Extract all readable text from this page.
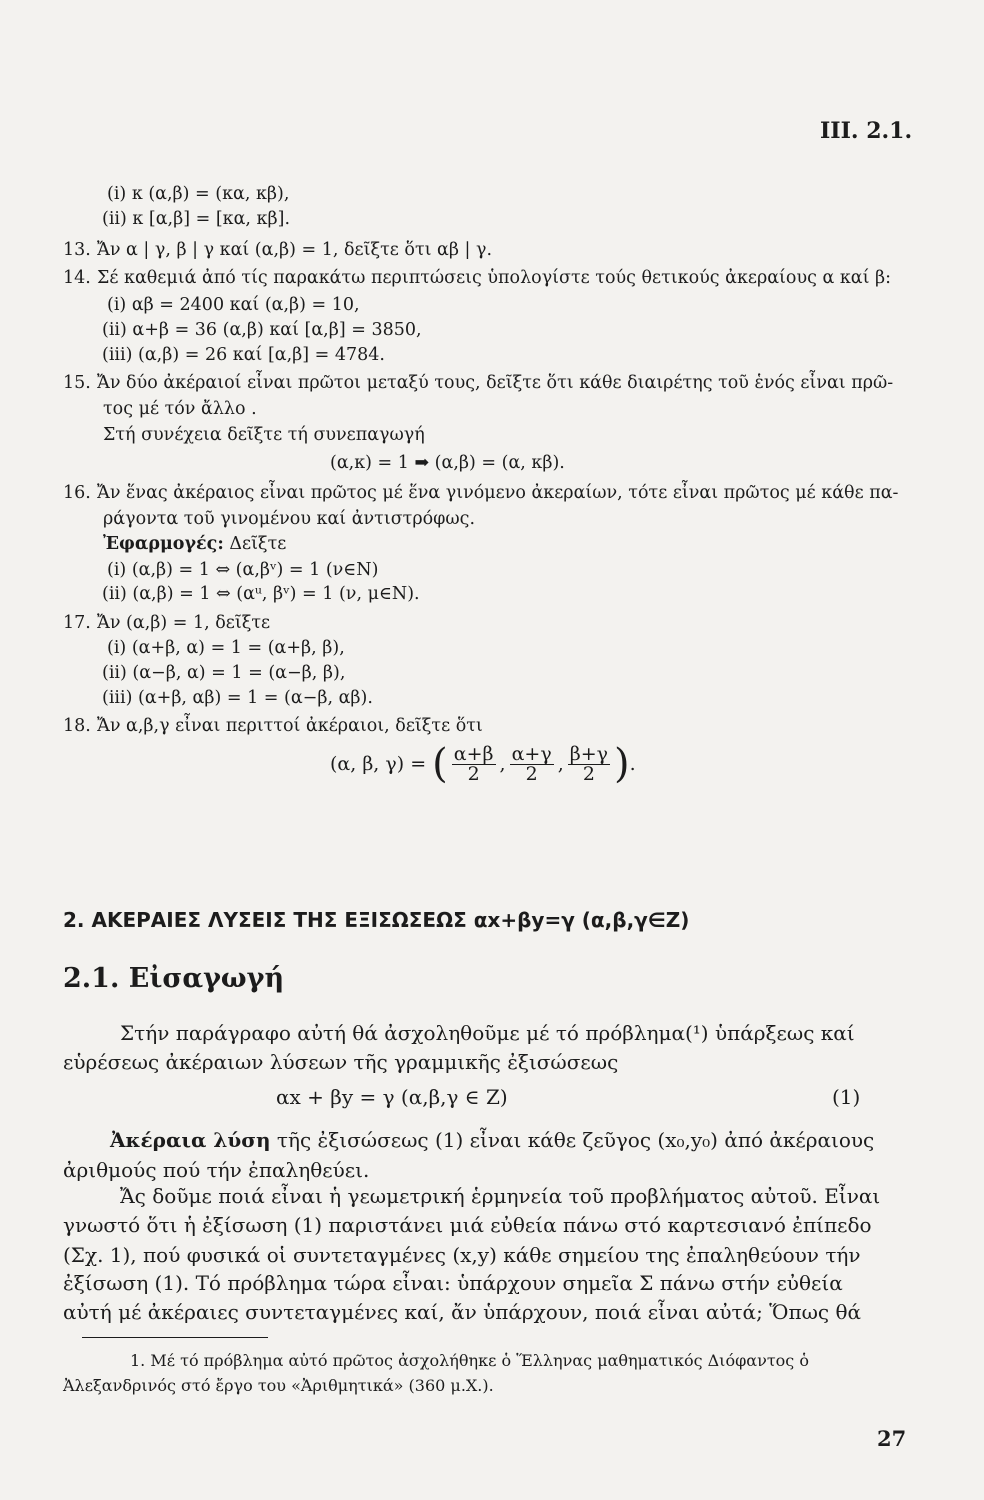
III. 2.1.
(i) κ (α,β) = (κα, κβ),
(ii) κ [α,β] = [κα, κβ].
13. Ἄν α | γ, β | γ καί (α,β) = 1, δεῖξτε ὅτι αβ | γ.
14. Σέ καθεμιά ἀπό τίς παρακάτω περιπτώσεις ὑπολογίστε τούς θετικούς ἀκεραίους α καί β:
(i) αβ = 2400 καί (α,β) = 10,
(ii) α+β = 36 (α,β) καί [α,β] = 3850,
(iii) (α,β) = 26 καί [α,β] = 4784.
15. Ἄν δύο ἀκέραιοί εἶναι πρῶτοι μεταξύ τους, δεῖξτε ὅτι κάθε διαιρέτης τοῦ ἑνός εἶναι πρῶ-
τος μέ τόν ἄλλο .
Στή συνέχεια δεῖξτε τή συνεπαγωγή
(α,κ) = 1 ➡ (α,β) = (α, κβ).
16. Ἄν ἕνας ἀκέραιος εἶναι πρῶτος μέ ἕνα γινόμενο ἀκεραίων, τότε εἶναι πρῶτος μέ κάθε πα-
ράγοντα τοῦ γινομένου καί ἀντιστρόφως.
Ἐφαρμογές: Δεῖξτε
(i) (α,β) = 1 ⇔ (α,βᵛ) = 1 (ν∈N)
(ii) (α,β) = 1 ⇔ (αᵘ, βᵛ) = 1 (ν, μ∈N).
17. Ἄν (α,β) = 1, δεῖξτε
(i) (α+β, α) = 1 = (α+β, β),
(ii) (α−β, α) = 1 = (α−β, β),
(iii) (α+β, αβ) = 1 = (α−β, αβ).
18. Ἄν α,β,γ εἶναι περιττοί ἀκέραιοι, δεῖξτε ὅτι
(α, β, γ) = ( $\frac{\alpha+\beta}{2}$ , $\frac{\alpha+\gamma}{2}$ , $\frac{\beta+\gamma}{2}$ ).
2. ΑΚΕΡΑΙΕΣ ΛΥΣΕΙΣ ΤΗΣ ΕΞΙΣΩΣΕΩΣ αx+βy=γ (α,β,γ∈Z)
2.1. Εἰσαγωγή
Στήν παράγραφο αὐτή θά ἀσχοληθοῦμε μέ τό πρόβλημα(¹) ὑπάρξεως καί
εὑρέσεως ἀκέραιων λύσεων τῆς γραμμικῆς ἐξισώσεως
αx + βy = γ (α,β,γ ∈ Z)	(1)
Ἀκέραια λύση τῆς ἐξισώσεως (1) εἶναι κάθε ζεῦγος (x₀,y₀) ἀπό ἀκέραιους
ἀριθμούς πού τήν ἐπαληθεύει.
Ἄς δοῦμε ποιά εἶναι ἡ γεωμετρική ἑρμηνεία τοῦ προβλήματος αὐτοῦ. Εἶναι
γνωστό ὅτι ἡ ἐξίσωση (1) παριστάνει μιά εὐθεία πάνω στό καρτεσιανό ἐπίπεδο
(Σχ. 1), πού φυσικά οἱ συντεταγμένες (x,y) κάθε σημείου της ἐπαληθεύουν τήν
ἐξίσωση (1). Τό πρόβλημα τώρα εἶναι: ὑπάρχουν σημεῖα Σ πάνω στήν εὐθεία
αὐτή μέ ἀκέραιες συντεταγμένες καί, ἄν ὑπάρχουν, ποιά εἶναι αὐτά; Ὅπως θά
1. Μέ τό πρόβλημα αὐτό πρῶτος ἀσχολήθηκε ὁ Ἕλληνας μαθηματικός Διόφαντος ὁ
Ἀλεξανδρινός στό ἔργο του «Ἀριθμητικά» (360 μ.Χ.).
27
